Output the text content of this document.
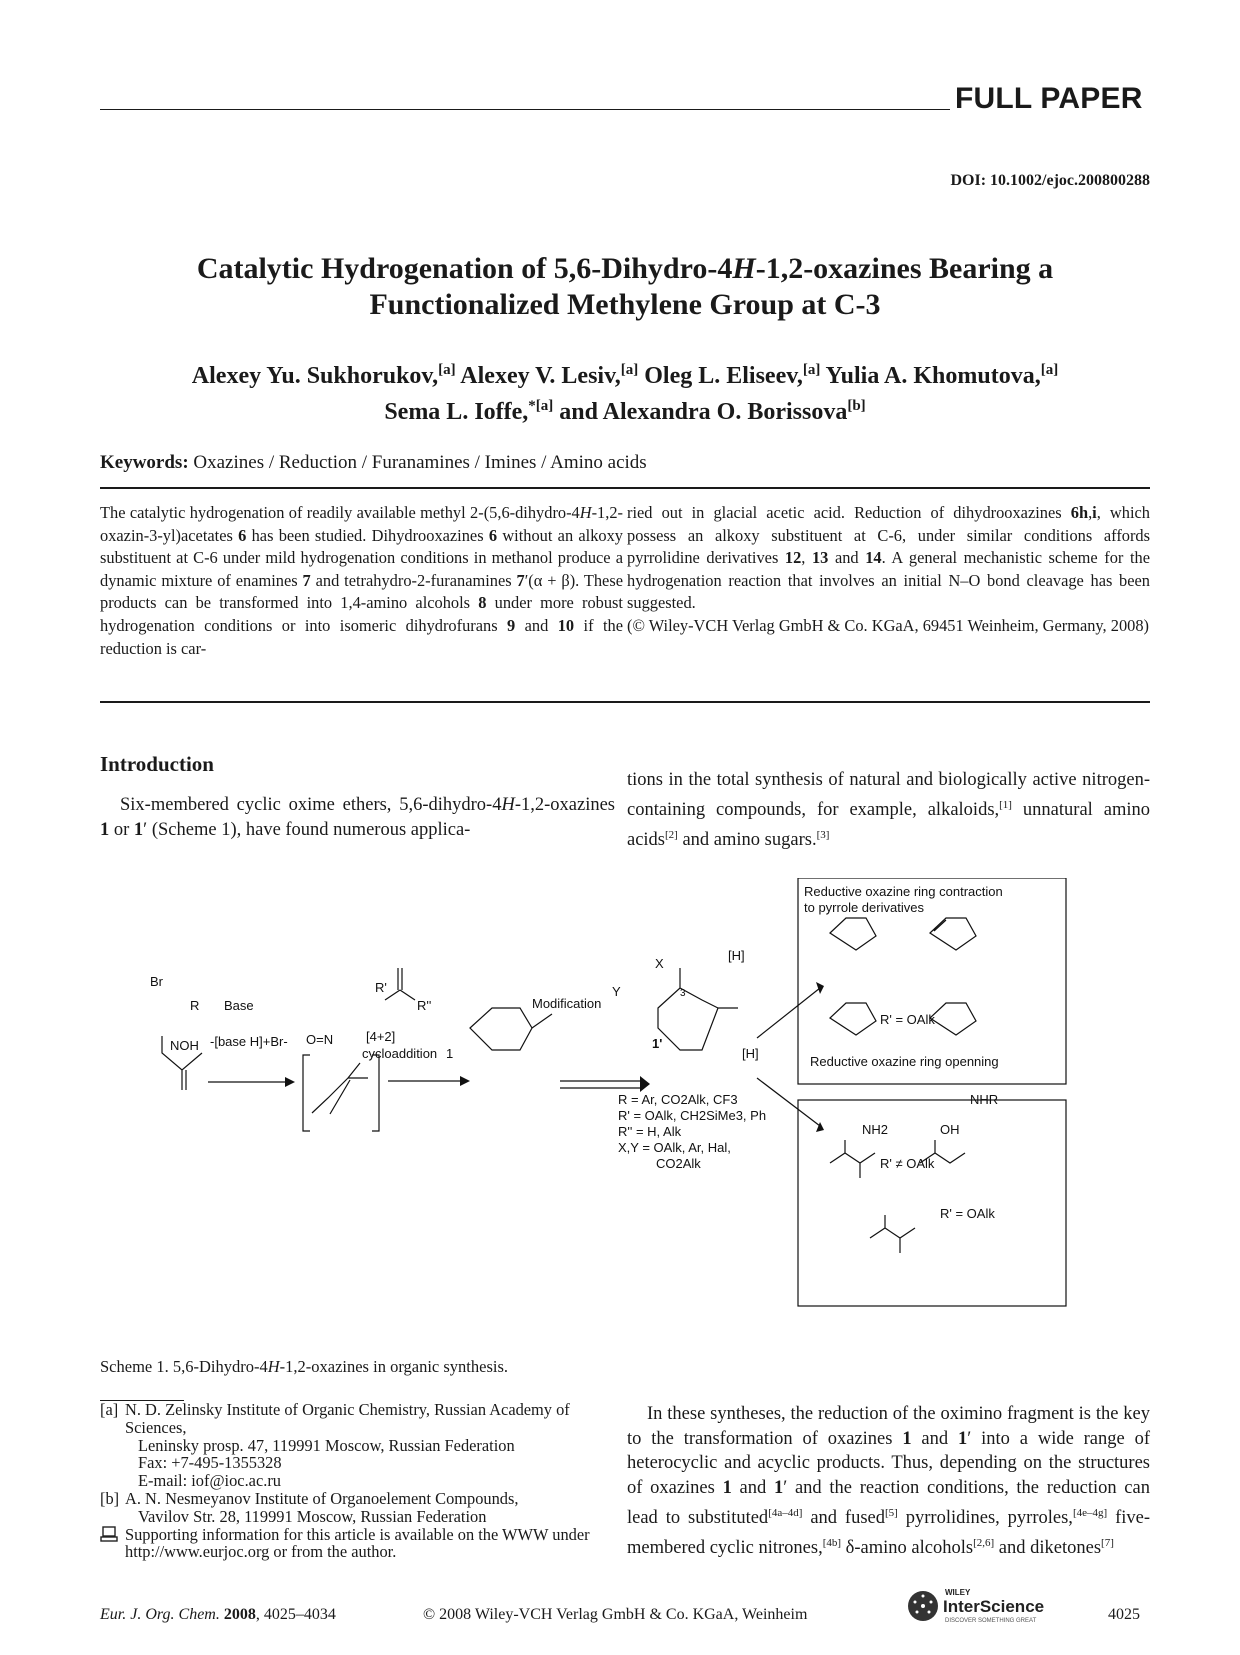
FULL PAPER
DOI: 10.1002/ejoc.200800288
Catalytic Hydrogenation of 5,6-Dihydro-4H-1,2-oxazines Bearing a
Functionalized Methylene Group at C-3
Alexey Yu. Sukhorukov,[a] Alexey V. Lesiv,[a] Oleg L. Eliseev,[a] Yulia A. Khomutova,[a]
Sema L. Ioffe,$^{*[a]}$ and Alexandra O. Borissova[b]
Keywords: Oxazines / Reduction / Furanamines / Imines / Amino acids
The catalytic hydrogenation of readily available methyl 2-(5,6-dihydro-4H-1,2-oxazin-3-yl)acetates 6 has been studied. Dihydrooxazines 6 without an alkoxy substituent at C-6 under mild hydrogenation conditions in methanol produce a dynamic mixture of enamines 7 and tetrahydro-2-furanamines 7′(α + β). These products can be transformed into 1,4-amino alcohols 8 under more robust hydrogenation conditions or into isomeric dihydrofurans 9 and 10 if the reduction is car-
ried out in glacial acetic acid. Reduction of dihydrooxazines 6h,i, which possess an alkoxy substituent at C-6, under similar conditions affords pyrrolidine derivatives 12, 13 and 14. A general mechanistic scheme for the hydrogenation reaction that involves an initial N–O bond cleavage has been suggested.
(© Wiley-VCH Verlag GmbH & Co. KGaA, 69451 Weinheim, Germany, 2008)
Introduction
Six-membered cyclic oxime ethers, 5,6-dihydro-4H-1,2-oxazines 1 or 1′ (Scheme 1), have found numerous applica-
tions in the total synthesis of natural and biologically active nitrogen-containing compounds, for example, alkaloids,[1] unnatural amino acids[2] and amino sugars.[3]
Br
R
NOH
Base
-[base H]+Br- O=N
R'
R''
[4+2]
cycloaddition 1
Modification
1'
3
X
Y
[H]
[H]
R = Ar, CO2Alk, CF3
R' = OAlk, CH2SiMe3, Ph
R'' = H, Alk
X,Y = OAlk, Ar, Hal,
CO2Alk
Reductive oxazine ring contraction
to pyrrole derivatives
R' = OAlk
Reductive oxazine ring openning
NHR
NH2	OH
R' ≠ OAlk
R' = OAlk
Scheme 1. 5,6-Dihydro-4H-1,2-oxazines in organic synthesis.
[a] N. D. Zelinsky Institute of Organic Chemistry, Russian Academy of Sciences,
Leninsky prosp. 47, 119991 Moscow, Russian Federation
Fax: +7-495-1355328
E-mail: iof@ioc.ac.ru
[b] A. N. Nesmeyanov Institute of Organoelement Compounds,
Vavilov Str. 28, 119991 Moscow, Russian Federation
Supporting information for this article is available on the WWW under http://www.eurjoc.org or from the author.
In these syntheses, the reduction of the oximino fragment is the key to the transformation of oxazines 1 and 1′ into a wide range of heterocyclic and acyclic products. Thus, depending on the structures of oxazines 1 and 1′ and the reaction conditions, the reduction can lead to substituted[4a–4d] and fused[5] pyrrolidines, pyrroles,[4e–4g] five-membered cyclic nitrones,[4b] δ-amino alcohols[2,6] and diketones[7]
Eur. J. Org. Chem. 2008, 4025–4034	© 2008 Wiley-VCH Verlag GmbH & Co. KGaA, Weinheim
WILEY
InterScience
DISCOVER SOMETHING GREAT	4025
